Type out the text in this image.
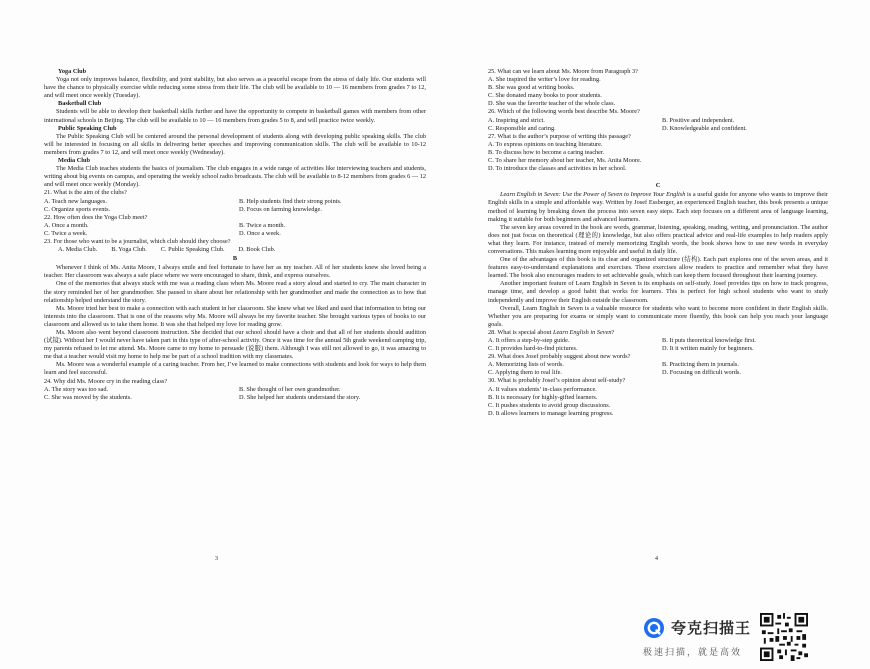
Yoga Club

Yoga not only improves balance, flexibility, and joint stability, but also serves as a peaceful escape from the stress of daily life. Our students will have the chance to physically exercise while reducing some stress from their life. The club will be available to 10 — 16 members from grades 7 to 12, and will meet once weekly (Tuesday).

Basketball Club

Students will be able to develop their basketball skills further and have the opportunity to compete in basketball games with members from other international schools in Beijing. The club will be available to 10 — 16 members from grades 5 to 8, and will practice twice weekly.

Public Speaking Club

The Public Speaking Club will be centered around the personal development of students along with developing public speaking skills. The club will be interested in focusing on all skills in delivering better speeches and improving communication skills. The club will be available to 10-12 members from grades 7 to 12, and will meet once weekly (Wednesday).

Media Club

The Media Club teaches students the basics of journalism. The club engages in a wide range of activities like interviewing teachers and students, writing about big events on campus, and operating the weekly school radio broadcasts. The club will be available to 8-12 members from grades 6 — 12 and will meet once weekly (Monday).

21. What is the aim of the clubs?

A. Teach new languages.	B. Help students find their strong points.
C. Organize sports events.	D. Focus on farming knowledge.

22. How often does the Yoga Club meet?

A. Once a month.	B. Twice a month.
C. Twice a week.	D. Once a week.

23. For those who want to be a journalist, which club should they choose?

A. Media Club. B. Yoga Club. C. Public Speaking Club. D. Book Club.

B

Whenever I think of Ms. Anita Moore, I always smile and feel fortunate to have her as my teacher. All of her students knew she loved being a teacher. Her classroom was always a safe place where we were encouraged to share, think, and express ourselves.

One of the memories that always stuck with me was a reading class when Ms. Moore read a story aloud and started to cry. The main character in the story reminded her of her grandmother. She paused to share about her relationship with her grandmother and made the connection as to how that relationship helped understand the story.

Ms. Moore tried her best to make a connection with each student in her classroom. She knew what we liked and used that information to bring our interests into the classroom. That is one of the reasons why Ms. Moore will always be my favorite teacher. She brought various types of books to our classroom and allowed us to take them home. It was she that helped my love for reading grow.

Ms. Moore also went beyond classroom instruction. She decided that our school should have a choir and that all of her students should audition (试镜). Without her I would never have taken part in this type of after-school activity. Once it was time for the annual 5th grade weekend camping trip, my parents refused to let me attend. Ms. Moore came to my home to persuade (说服) them. Although I was still not allowed to go, it was amazing to me that a teacher would visit my home to help me be part of a school tradition with my classmates.

Ms. Moore was a wonderful example of a caring teacher. From her, I’ve learned to make connections with students and look for ways to help them learn and feel successful.

24. Why did Ms. Moore cry in the reading class?

A. The story was too sad.	B. She thought of her own grandmother.
C. She was moved by the students.	D. She helped her students understand the story.
3

25. What can we learn about Ms. Moore from Paragraph 3?

A. She inspired the writer’s love for reading.

B. She was good at writing books.

C. She donated many books to poor students.

D. She was the favorite teacher of the whole class.

26. Which of the following words best describe Ms. Moore?

A. Inspiring and strict.	B. Positive and independent.
C. Responsible and caring.	D. Knowledgeable and confident.

27. What is the author’s purpose of writing this passage?

A. To express opinions on teaching literature.

B. To discuss how to become a caring teacher.

C. To share her memory about her teacher, Ms. Anita Moore.

D. To introduce the classes and activities in her school.

C

Learn English in Seven: Use the Power of Seven to Improve Your English is a useful guide for anyone who wants to improve their English skills in a simple and affordable way. Written by Josef Essberger, an experienced English teacher, this book presents a unique method of learning by breaking down the process into seven easy steps. Each step focuses on a different area of language learning, making it suitable for both beginners and advanced learners.

The seven key areas covered in the book are words, grammar, listening, speaking, reading, writing, and pronunciation. The author does not just focus on theoretical (理论的) knowledge, but also offers practical advice and real-life examples to help readers apply what they learn. For instance, instead of merely memorizing English words, the book shows how to use new words in everyday conversations. This makes learning more enjoyable and useful in daily life.

One of the advantages of this book is its clear and organized structure (结构). Each part explores one of the seven areas, and it features easy-to-understand explanations and exercises. These exercises allow readers to practice and remember what they have learned. The book also encourages readers to set achievable goals, which can keep them focused throughout their learning journey.

Another important feature of Learn English in Seven is its emphasis on self-study. Josef provides tips on how to track progress, manage time, and develop a good habit that works for learners. This is perfect for high school students who want to study independently and improve their English outside the classroom.

Overall, Learn English in Seven is a valuable resource for students who want to become more confident in their English skills. Whether you are preparing for exams or simply want to communicate more fluently, this book can help you reach your language goals.

28. What is special about Learn English in Seven?

A. It offers a step-by-step guide.	B. It puts theoretical knowledge first.
C. It provides hard-to-find pictures.	D. It it written mainly for beginners.

29. What does Josef probably suggest about new words?

A. Memorizing lists of words.	B. Practicing them in journals.
C. Applying them to real life.	D. Focusing on difficult words.

30. What is probably Josef’s opinion about self-study?

A. It values students’ in-class performance.

B. It is necessary for highly-gifted learners.

C. It pushes students to avoid group discussions.

D. It allows learners to manage learning progress.

4
夸克扫描王
极速扫描，就是高效
